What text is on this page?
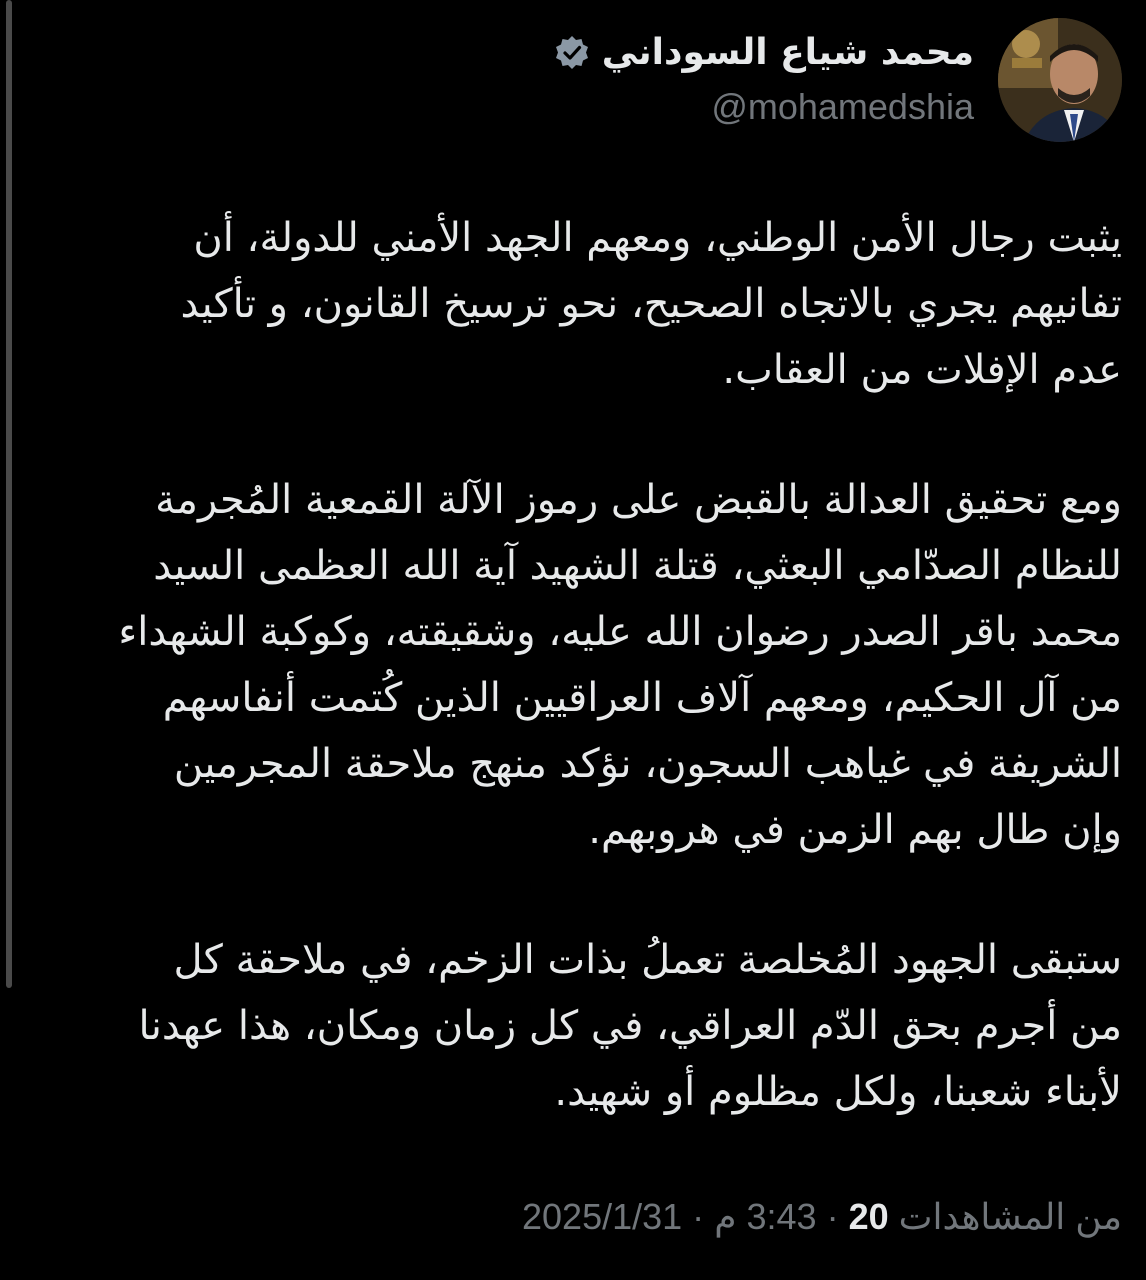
محمد شياع السوداني
@mohamedshia
يثبت رجال الأمن الوطني، ومعهم الجهد الأمني للدولة، أن
تفانيهم يجري بالاتجاه الصحيح، نحو ترسيخ القانون، و تأكيد
عدم الإفلات من العقاب.
ومع تحقيق العدالة بالقبض على رموز الآلة القمعية المُجرمة
للنظام الصدّامي البعثي، قتلة الشهيد آية الله العظمى السيد
محمد باقر الصدر رضوان الله عليه، وشقيقته، وكوكبة الشهداء
من آل الحكيم، ومعهم آلاف العراقيين الذين كُتمت أنفاسهم
الشريفة في غياهب السجون، نؤكد منهج ملاحقة المجرمين
وإن طال بهم الزمن في هروبهم.
ستبقى الجهود المُخلصة تعملُ بذات الزخم، في ملاحقة كل
من أجرم بحق الدّم العراقي، في كل زمان ومكان، هذا عهدنا
لأبناء شعبنا، ولكل مظلوم أو شهيد.
من المشاهدات 20 · 3:43 م · 2025/1/31
